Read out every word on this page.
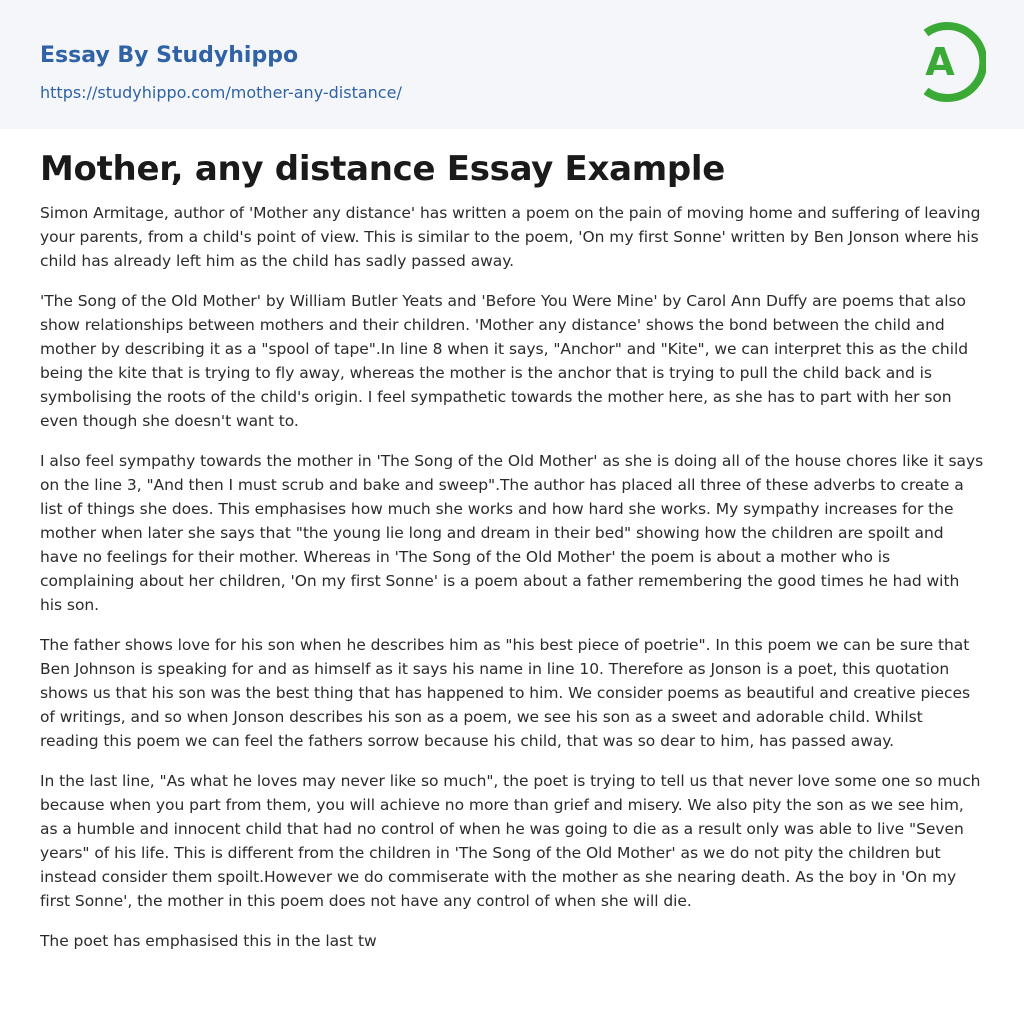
Essay By Studyhippo
https://studyhippo.com/mother-any-distance/
A
Mother, any distance Essay Example

Simon Armitage, author of 'Mother any distance' has written a poem on the pain of moving home and suffering of leaving your parents, from a child's point of view. This is similar to the poem, 'On my first Sonne' written by Ben Jonson where his child has already left him as the child has sadly passed away.

'The Song of the Old Mother' by William Butler Yeats and 'Before You Were Mine' by Carol Ann Duffy are poems that also show relationships between mothers and their children. 'Mother any distance' shows the bond between the child and mother by describing it as a "spool of tape".In line 8 when it says, "Anchor" and "Kite", we can interpret this as the child being the kite that is trying to fly away, whereas the mother is the anchor that is trying to pull the child back and is symbolising the roots of the child's origin. I feel sympathetic towards the mother here, as she has to part with her son even though she doesn't want to.

I also feel sympathy towards the mother in 'The Song of the Old Mother' as she is doing all of the house chores like it says on the line 3, "And then I must scrub and bake and sweep".The author has placed all three of these adverbs to create a list of things she does. This emphasises how much she works and how hard she works. My sympathy increases for the mother when later she says that "the young lie long and dream in their bed" showing how the children are spoilt and have no feelings for their mother. Whereas in 'The Song of the Old Mother' the poem is about a mother who is complaining about her children, 'On my first Sonne' is a poem about a father remembering the good times he had with his son.

The father shows love for his son when he describes him as "his best piece of poetrie". In this poem we can be sure that Ben Johnson is speaking for and as himself as it says his name in line 10. Therefore as Jonson is a poet, this quotation shows us that his son was the best thing that has happened to him. We consider poems as beautiful and creative pieces of writings, and so when Jonson describes his son as a poem, we see his son as a sweet and adorable child. Whilst reading this poem we can feel the fathers sorrow because his child, that was so dear to him, has passed away.

In the last line, "As what he loves may never like so much", the poet is trying to tell us that never love some one so much because when you part from them, you will achieve no more than grief and misery. We also pity the son as we see him, as a humble and innocent child that had no control of when he was going to die as a result only was able to live "Seven years" of his life. This is different from the children in 'The Song of the Old Mother' as we do not pity the children but instead consider them spoilt.However we do commiserate with the mother as she nearing death. As the boy in 'On my first Sonne', the mother in this poem does not have any control of when she will die.

The poet has emphasised this in the last tw
